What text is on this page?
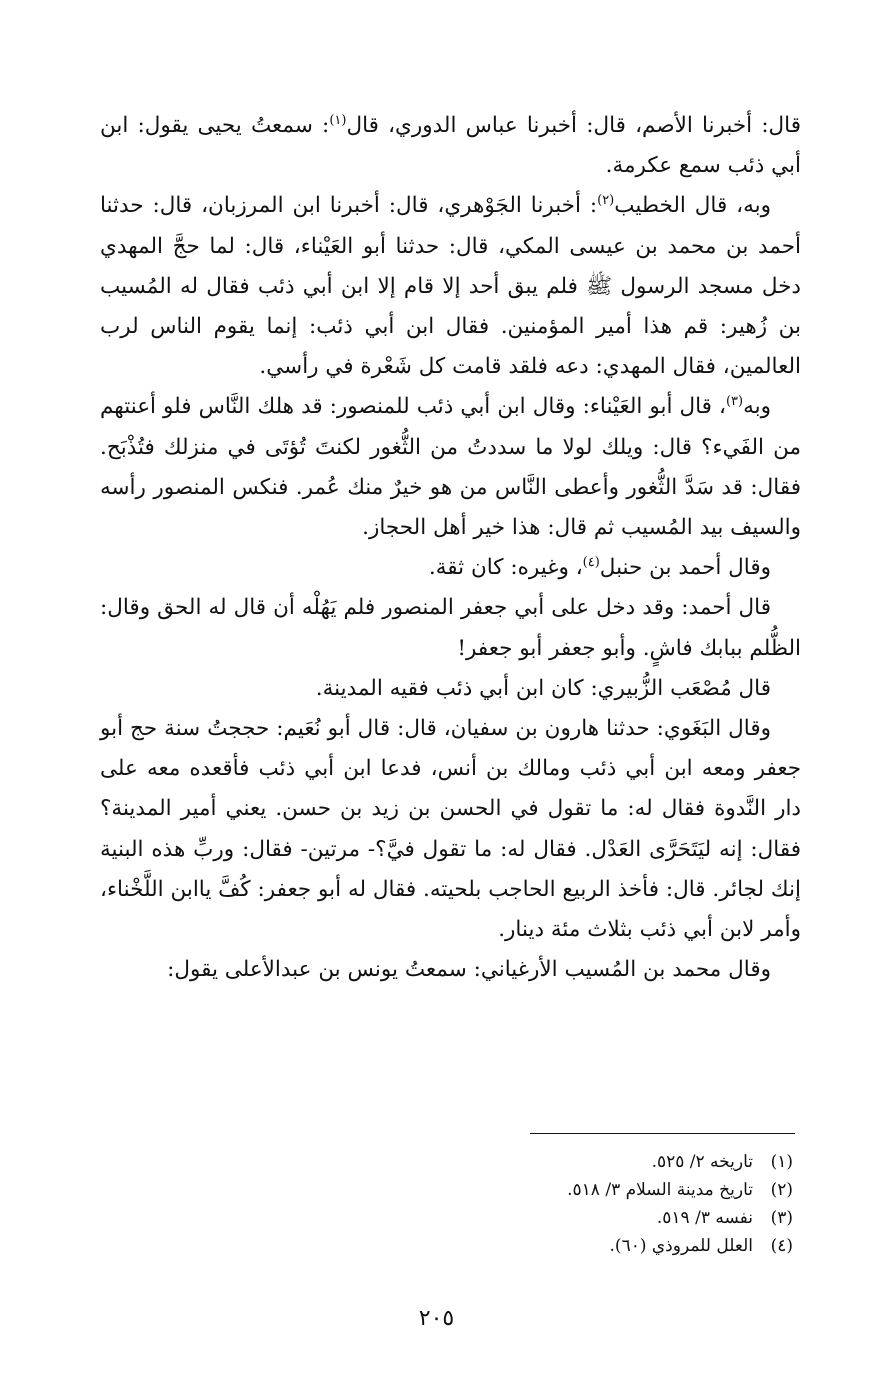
قال: أخبرنا الأصم، قال: أخبرنا عباس الدوري، قال$^{(١)}$: سمعتُ يحيى يقول: ابن أبي ذئب سمع عكرمة.

وبه، قال الخطيب$^{(٢)}$: أخبرنا الجَوْهري، قال: أخبرنا ابن المرزبان، قال: حدثنا أحمد بن محمد بن عيسى المكي، قال: حدثنا أبو العَيْناء، قال: لما حجَّ المهدي دخل مسجد الرسول ﷺ فلم يبق أحد إلا قام إلا ابن أبي ذئب فقال له المُسيب بن زُهير: قم هذا أمير المؤمنين. فقال ابن أبي ذئب: إنما يقوم الناس لرب العالمين، فقال المهدي: دعه فلقد قامت كل شَعْرة في رأسي.

وبه$^{(٣)}$، قال أبو العَيْناء: وقال ابن أبي ذئب للمنصور: قد هلك النَّاس فلو أعنتهم من الفَيء؟ قال: ويلك لولا ما سددتُ من الثُّغور لكنتَ تُؤتَى في منزلك فتُذْبَح. فقال: قد سَدَّ الثُّغور وأعطى النَّاس من هو خيرٌ منك عُمر. فنكس المنصور رأسه والسيف بيد المُسيب ثم قال: هذا خير أهل الحجاز.

وقال أحمد بن حنبل$^{(٤)}$، وغيره: كان ثقة.

قال أحمد: وقد دخل على أبي جعفر المنصور فلم يَهُلْه أن قال له الحق وقال: الظُّلم ببابك فاشٍ. وأبو جعفر أبو جعفر!

قال مُصْعَب الزُّبيري: كان ابن أبي ذئب فقيه المدينة.

وقال البَغَوي: حدثنا هارون بن سفيان، قال: قال أبو نُعَيم: حججتُ سنة حج أبو جعفر ومعه ابن أبي ذئب ومالك بن أنس، فدعا ابن أبي ذئب فأقعده معه على دار النَّدوة فقال له: ما تقول في الحسن بن زيد بن حسن. يعني أمير المدينة؟ فقال: إنه ليَتَحَرَّى العَدْل. فقال له: ما تقول فيَّ؟- مرتين- فقال: وربِّ هذه البنية إنك لجائر. قال: فأخذ الربيع الحاجب بلحيته. فقال له أبو جعفر: كُفَّ ياابن اللَّخْناء، وأمر لابن أبي ذئب بثلاث مئة دينار.

وقال محمد بن المُسيب الأرغياني: سمعتُ يونس بن عبدالأعلى يقول:

(١)
تاريخه ٢/ ٥٢٥.
(٢)
تاريخ مدينة السلام ٣/ ٥١٨.
(٣)
نفسه ٣/ ٥١٩.
(٤)
العلل للمروذي (٦٠).
٢٠٥
